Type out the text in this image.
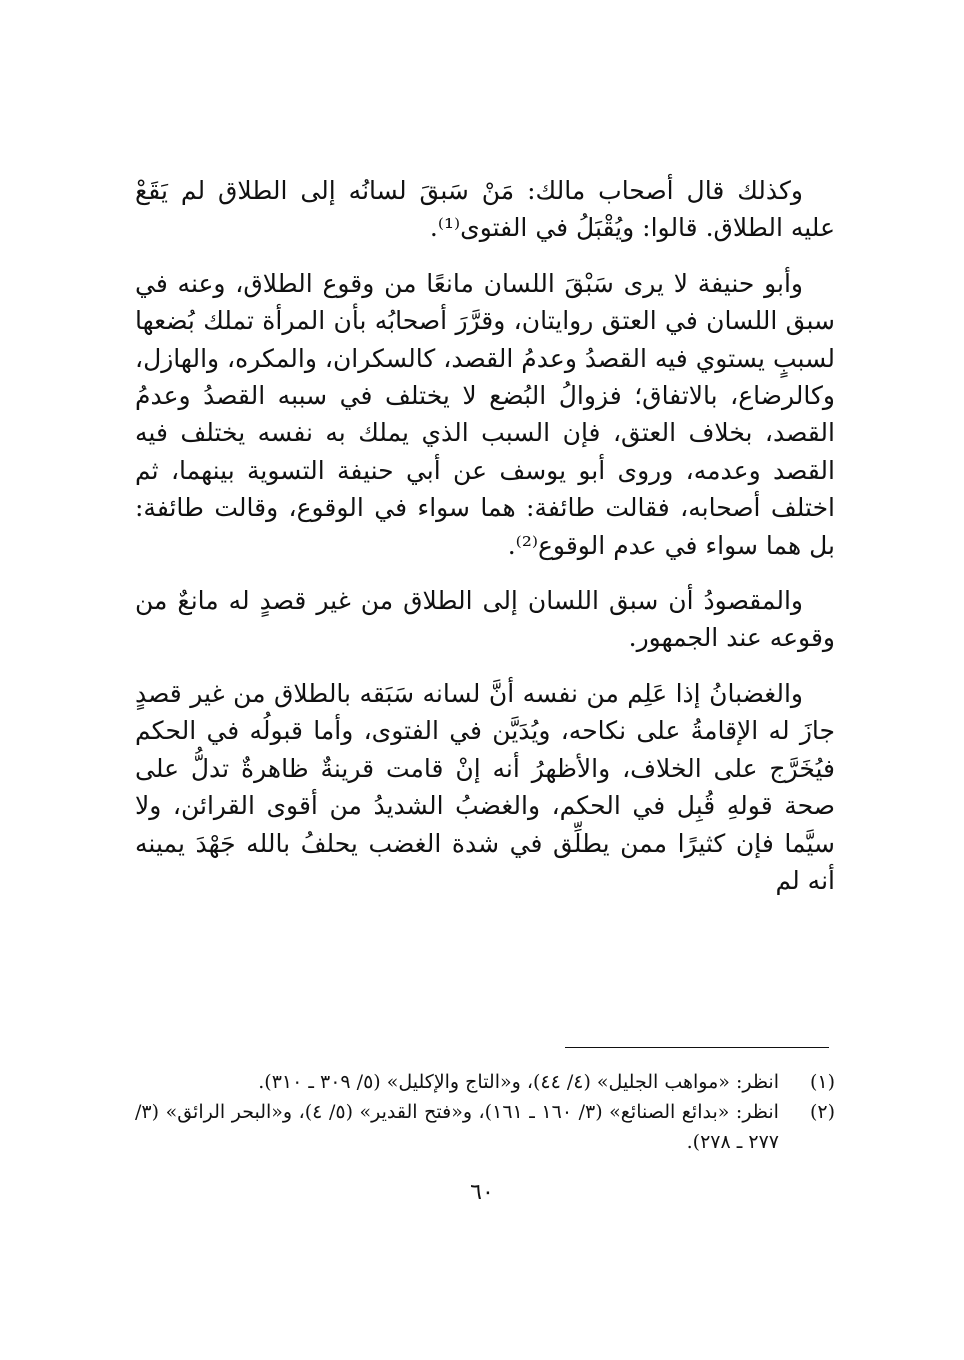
وكذلك قال أصحاب مالك: مَنْ سَبقَ لسانُه إلى الطلاق لم يَقَعْ عليه الطلاق. قالوا: ويُقْبَلُ في الفتوى⁽¹⁾.

وأبو حنيفة لا يرى سَبْقَ اللسان مانعًا من وقوع الطلاق، وعنه في سبق اللسان في العتق روايتان، وقرَّرَ أصحابُه بأن المرأة تملك بُضعها لسببٍ يستوي فيه القصدُ وعدمُ القصد، كالسكران، والمكره، والهازل، وكالرضاع، بالاتفاق؛ فزوالُ البُضع لا يختلف في سببه القصدُ وعدمُ القصد، بخلاف العتق، فإن السبب الذي يملك به نفسه يختلف فيه القصد وعدمه، وروى أبو يوسف عن أبي حنيفة التسوية بينهما، ثم اختلف أصحابه، فقالت طائفة: هما سواء في الوقوع، وقالت طائفة: بل هما سواء في عدم الوقوع⁽²⁾.

والمقصودُ أن سبق اللسان إلى الطلاق من غير قصدٍ له مانعٌ من وقوعه عند الجمهور.

والغضبانُ إذا عَلِم من نفسه أنَّ لسانه سَبَقه بالطلاق من غير قصدٍ جازَ له الإقامةُ على نكاحه، ويُدَيَّن في الفتوى، وأما قبولُه في الحكم فيُخَرَّج على الخلاف، والأظهرُ أنه إنْ قامت قرينةٌ ظاهرةٌ تدلُّ على صحة قولهِ قُبِل في الحكم، والغضبُ الشديدُ من أقوى القرائن، ولا سيَّما فإن كثيرًا ممن يطلِّق في شدة الغضب يحلفُ بالله جَهْدَ يمينه أنه لم

(١)
انظر: «مواهب الجليل» (٤/ ٤٤)، و«التاج والإكليل» (٥/ ٣٠٩ ـ ٣١٠).

(٢)
انظر: «بدائع الصنائع» (٣/ ١٦٠ ـ ١٦١)، و«فتح القدير» (٥/ ٤)، و«البحر الرائق» (٣/ ٢٧٧ ـ ٢٧٨).

٦٠
